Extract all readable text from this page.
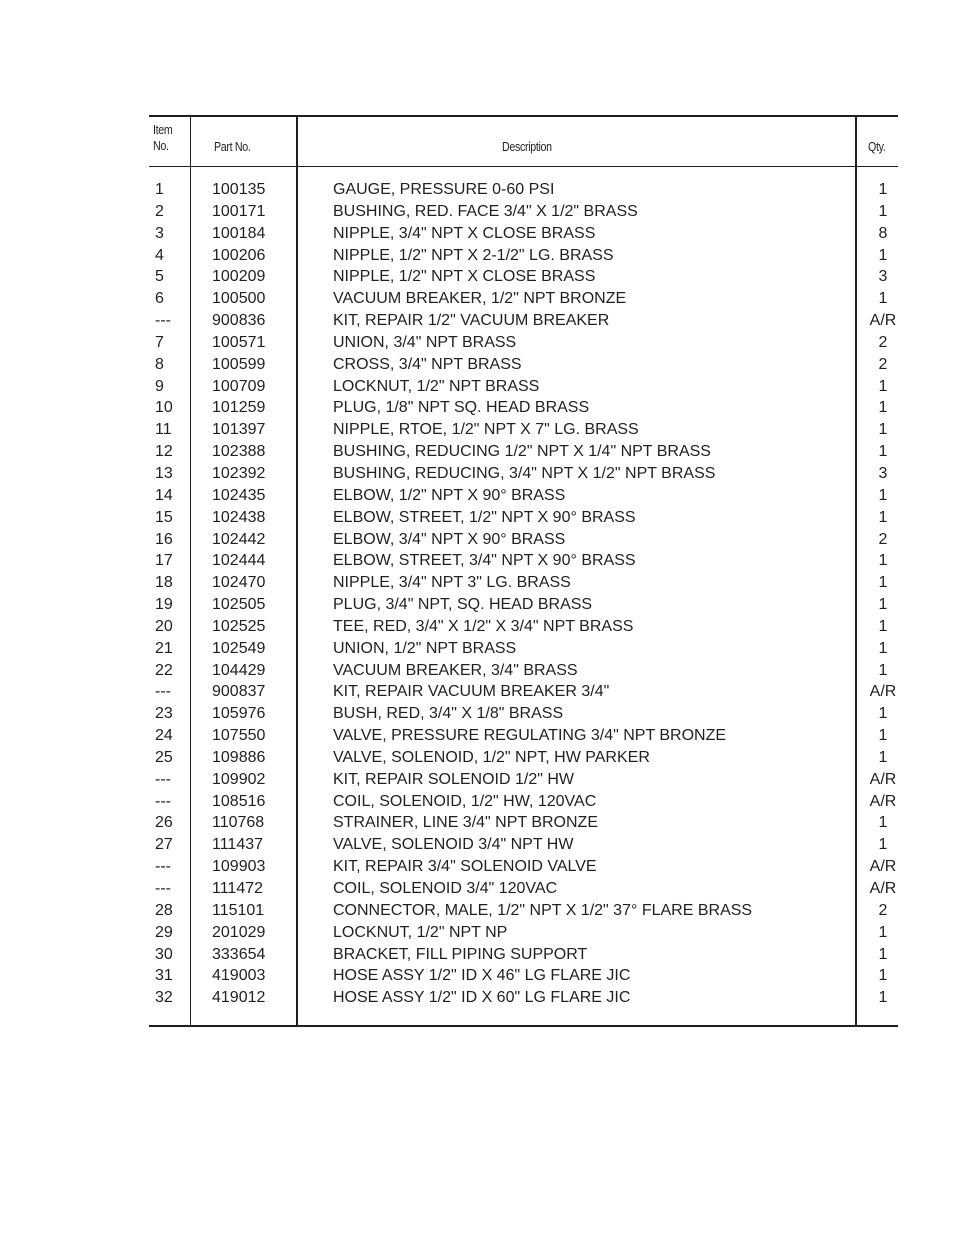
Item
No.	Part No.	Description	Qty.
1	100135	GAUGE, PRESSURE 0-60 PSI	1
2	100171	BUSHING, RED. FACE 3/4" X 1/2" BRASS	1
3	100184	NIPPLE, 3/4" NPT X CLOSE BRASS	8
4	100206	NIPPLE, 1/2" NPT X 2-1/2" LG. BRASS	1
5	100209	NIPPLE, 1/2" NPT X CLOSE BRASS	3
6	100500	VACUUM BREAKER, 1/2" NPT BRONZE	1
---	900836	KIT, REPAIR 1/2" VACUUM BREAKER	A/R
7	100571	UNION, 3/4" NPT BRASS	2
8	100599	CROSS, 3/4" NPT BRASS	2
9	100709	LOCKNUT, 1/2" NPT BRASS	1
10 101259	PLUG, 1/8" NPT SQ. HEAD BRASS	1
11	101397	NIPPLE, RTOE, 1/2" NPT X 7" LG. BRASS	1
12 102388	BUSHING, REDUCING 1/2" NPT X 1/4" NPT BRASS	1
13 102392	BUSHING, REDUCING, 3/4" NPT X 1/2" NPT BRASS	3
14 102435	ELBOW, 1/2" NPT X 90° BRASS	1
15 102438	ELBOW, STREET, 1/2" NPT X 90° BRASS	1
16 102442	ELBOW, 3/4" NPT X 90° BRASS	2
17 102444	ELBOW, STREET, 3/4" NPT X 90° BRASS	1
18 102470	NIPPLE, 3/4" NPT 3" LG. BRASS	1
19 102505	PLUG, 3/4" NPT, SQ. HEAD BRASS	1
20 102525	TEE, RED, 3/4" X 1/2" X 3/4" NPT BRASS	1
21 102549	UNION, 1/2" NPT BRASS	1
22 104429	VACUUM BREAKER, 3/4" BRASS	1
---	900837	KIT, REPAIR VACUUM BREAKER 3/4"	A/R
23 105976	BUSH, RED, 3/4" X 1/8" BRASS	1
24 107550	VALVE, PRESSURE REGULATING 3/4" NPT BRONZE	1
25 109886	VALVE, SOLENOID, 1/2" NPT, HW PARKER	1
---	109902	KIT, REPAIR SOLENOID 1/2" HW	A/R
---	108516	COIL, SOLENOID, 1/2" HW, 120VAC	A/R
26 110768	STRAINER, LINE 3/4" NPT BRONZE	1
27 111437	VALVE, SOLENOID 3/4" NPT HW	1
---	109903	KIT, REPAIR 3/4" SOLENOID VALVE	A/R
---	111472	COIL, SOLENOID 3/4" 120VAC	A/R
28 115101	CONNECTOR, MALE, 1/2" NPT X 1/2" 37° FLARE BRASS	2
29 201029	LOCKNUT, 1/2" NPT NP	1
30 333654	BRACKET, FILL PIPING SUPPORT	1
31 419003	HOSE ASSY 1/2" ID X 46" LG FLARE JIC	1
32 419012	HOSE ASSY 1/2" ID X 60" LG FLARE JIC	1
